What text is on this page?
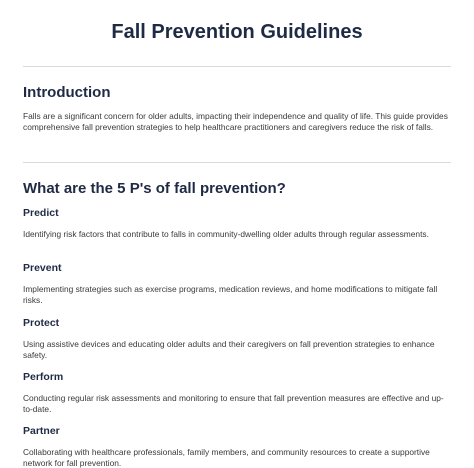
Fall Prevention Guidelines
Introduction

Falls are a significant concern for older adults, impacting their independence and quality of life. This guide provides comprehensive fall prevention strategies to help healthcare practitioners and caregivers reduce the risk of falls.

What are the 5 P's of fall prevention?
Predict

Identifying risk factors that contribute to falls in community-dwelling older adults through regular assessments.

Prevent

Implementing strategies such as exercise programs, medication reviews, and home modifications to mitigate fall risks.

Protect

Using assistive devices and educating older adults and their caregivers on fall prevention strategies to enhance safety.

Perform

Conducting regular risk assessments and monitoring to ensure that fall prevention measures are effective and up-to-date.

Partner

Collaborating with healthcare professionals, family members, and community resources to create a supportive network for fall prevention.
